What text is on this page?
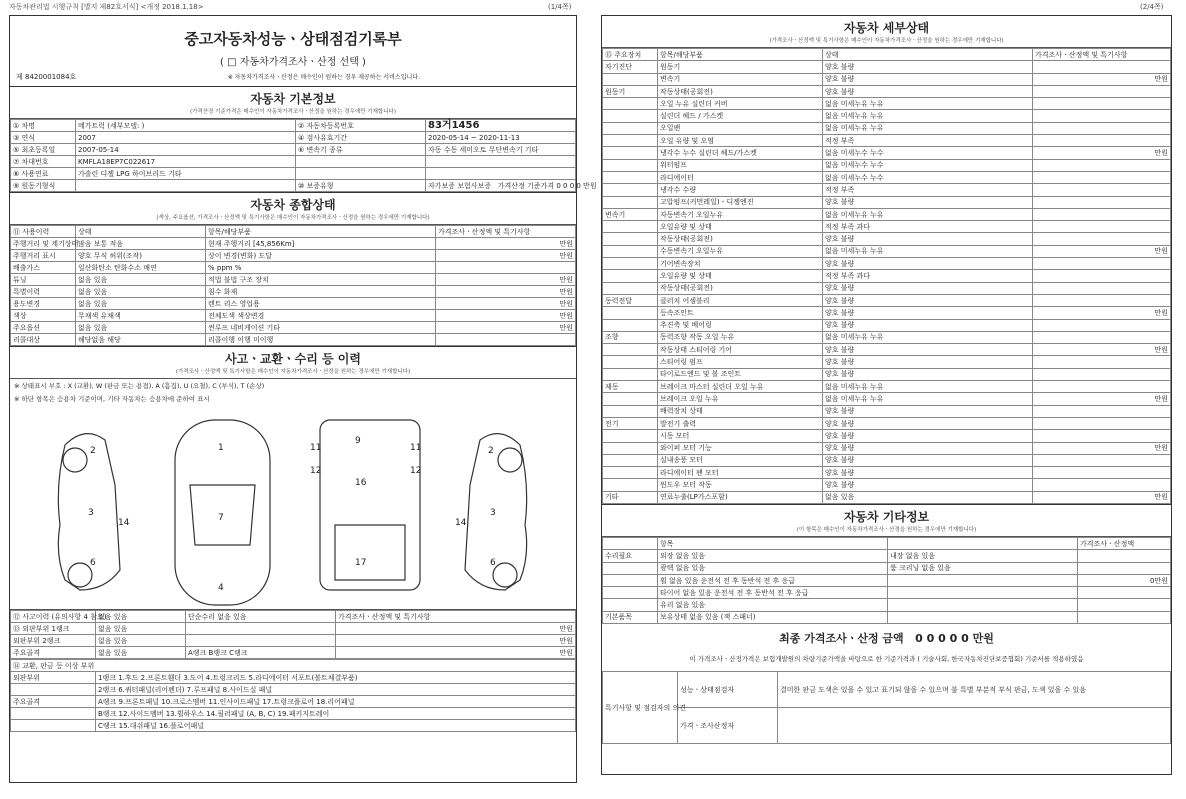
자동차관리법 시행규칙 [별지 제82호서식] <개정 2018.1.18>	(1/4쪽)	(2/4쪽)
중고자동차성능ㆍ상태점검기록부
( □ 자동차가격조사ㆍ산정 선택 )
제 8420001084호	※ 자동차가격조사ㆍ산정은 매수인이 원하는 경우 제공하는 서비스입니다.
자동차 기본정보
(가격산정 기준가격은 매수인이 자동차가격조사ㆍ산정을 원하는 경우에만 기재합니다)
① 차명	메가트럭 (세부모델: )	② 자동차등록번호	83거1456
③ 연식	2007	④ 검사유효기간	2020-05-14 ~ 2020-11-13
⑤ 최초등록일	2007-05-14	⑥ 변속기 종류	자동 수동 세미오토 무단변속기 기타
⑦ 차대번호	KMFLA18EP7C022617		
⑧ 사용연료	가솔린 디젤 LPG 하이브리드 기타		
⑨ 원동기형식		⑩ 보증유형	자가보증 보험사보증 가격산정 기준가격 0 0 0 0 만원
자동차 종합상태
(색상, 주요옵션, 가격조사ㆍ산정액 및 특기사항은 매수인이 자동차가격조사ㆍ산정을 원하는 경우에만 기재합니다)
⑪ 사용이력	상태	항목/해당부품	가격조사ㆍ산정액 및 특기사항
주행거리 및 계기상태	많음 보통 적음	현재 주행거리 [45,856Km]	만원
주행거리 표시	양호 무식 허위(조작)	상이 변경(변화) 도달	만원
배출가스	일산화탄소 탄화수소 매연	% ppm %	
튜닝	없음 있음	적법 불법 구조 장치	만원
특별이력	없음 있음	침수 화재	만원
용도변경	없음 있음	렌트 리스 영업용	만원
색상	무채색 유채색	전체도색 색상변경	만원
주요옵션	없음 있음	썬루프 네비게이션 기타	만원
리콜대상	해당없음 해당	리콜이행 이행 미이행	
사고ㆍ교환ㆍ수리 등 이력
(가격조사ㆍ산정액 및 특기사항은 매수인이 자동차가격조사ㆍ산정을 원하는 경우에만 기재합니다)
※ 상태표시 부호 : X (교환), W (판금 또는 용접), A (흠집), U (요철), C (부식), T (손상)
※ 하단 항목은 승용차 기준이며, 기타 자동차는 승용차에 준하여 표시
2
3
14
6
1
7
4
9
16
17
11	11
12	12
2
3
14
6
⑫ 사고이력 (유의사항 4 참조)	없음 있음	단순수리 없음 있음	가격조사ㆍ산정액 및 특기사항
⑬ 외판부위 1랭크	없음 있음		만원
외판부위 2랭크	없음 있음		만원
주요골격	없음 있음	A랭크 B랭크 C랭크	만원
⑭ 교환, 판금 등 이상 부위	
외판부위	1랭크 1.후드 2.프론트휀더 3.도어 4.트렁크리드 5.라디에이터 서포트(볼트체결부품)
	2랭크 6.쿼터패널(리어펜더) 7.루프패널 8.사이드실 패널
주요골격	A랭크 9.프론트패널 10.크로스멤버 11.인사이드패널 17.트렁크플로어 18.리어패널
	B랭크 12.사이드멤버 13.휠하우스 14.필러패널 (A, B, C) 19.패키지트레이
	C랭크 15.대쉬패널 16.플로어패널
자동차 세부상태
(가격조사ㆍ산정액 및 특기사항은 매수인이 자동차가격조사ㆍ산정을 원하는 경우에만 기재합니다)
⑮ 주요장치	항목/해당부품	상태	가격조사ㆍ산정액 및 특기사항
자기진단	원동기	양호 불량	
	변속기	양호 불량	만원
원동기	작동상태(공회전)	양호 불량	
	오일 누유 실린더 커버	없음 미세누유 누유	
	실린더 헤드 / 가스켓	없음 미세누유 누유	
	오일팬	없음 미세누유 누유	
	오일 유량 및 오염	적정 부족	
	냉각수 누수 실린더 헤드/가스켓	없음 미세누수 누수	만원
	워터펌프	없음 미세누수 누수	
	라디에이터	없음 미세누수 누수	
	냉각수 수량	적정 부족	
	고압펌프(커먼레일) - 디젤엔진	양호 불량	
변속기	자동변속기 오일누유	없음 미세누유 누유	
	오일유량 및 상태	적정 부족 과다	
	작동상태(공회전)	양호 불량	
	수동변속기 오일누유	없음 미세누유 누유	만원
	기어변속장치	양호 불량	
	오일유량 및 상태	적정 부족 과다	
	작동상태(공회전)	양호 불량	
동력전달	클러치 어셈블리	양호 불량	
	등속조인트	양호 불량	만원
	추진축 및 베어링	양호 불량	
조향	동력조향 작동 오일 누유	없음 미세누유 누유	
	작동상태 스티어링 기어	양호 불량	만원
	스티어링 펌프	양호 불량	
	타이로드엔드 및 볼 조인트	양호 불량	
제동	브레이크 마스터 실린더 오일 누유	없음 미세누유 누유	
	브레이크 오일 누유	없음 미세누유 누유	만원
	배력장치 상태	양호 불량	
전기	발전기 출력	양호 불량	
	시동 모터	양호 불량	
	와이퍼 모터 기능	양호 불량	만원
	실내송풍 모터	양호 불량	
	라디에이터 팬 모터	양호 불량	
	윈도우 모터 작동	양호 불량	
기타	연료누출(LP가스포함)	없음 있음	만원
자동차 기타정보
(이 항목은 매수인이 자동차가격조사ㆍ산정을 원하는 경우에만 기재합니다)
	항목		가격조사ㆍ산정액
수리필요	외장 없음 있음	내장 없음 있음	
	광택 없음 있음	룸 크리닝 없음 있음	
	휠 없음 있음 운전석 전 후 동반석 전 후 응급		0만원
	타이어 없음 있음 운전석 전 후 동반석 전 후 응급		
	유리 없음 있음		
기본품목	보유상태 없음 있음 (잭 스패너)		
최종 가격조사ㆍ산정 금액 0 0 0 0 0 만원
이 가격조사ㆍ산정가격은 보험개발원의 차량기준가액을 바탕으로 한 기준가격과 ( 기술사회, 한국자동차진단보증협회) 기준서를 적용하였음
특기사항 및 점검자의 의견	성능ㆍ상태점검자	결미한 판금 도색은 있을 수 있고 표기되 않을 수 있으며 불 특별 부분적 부식 판금, 도색 있을 수 있음
	가격ㆍ조사산정자	
